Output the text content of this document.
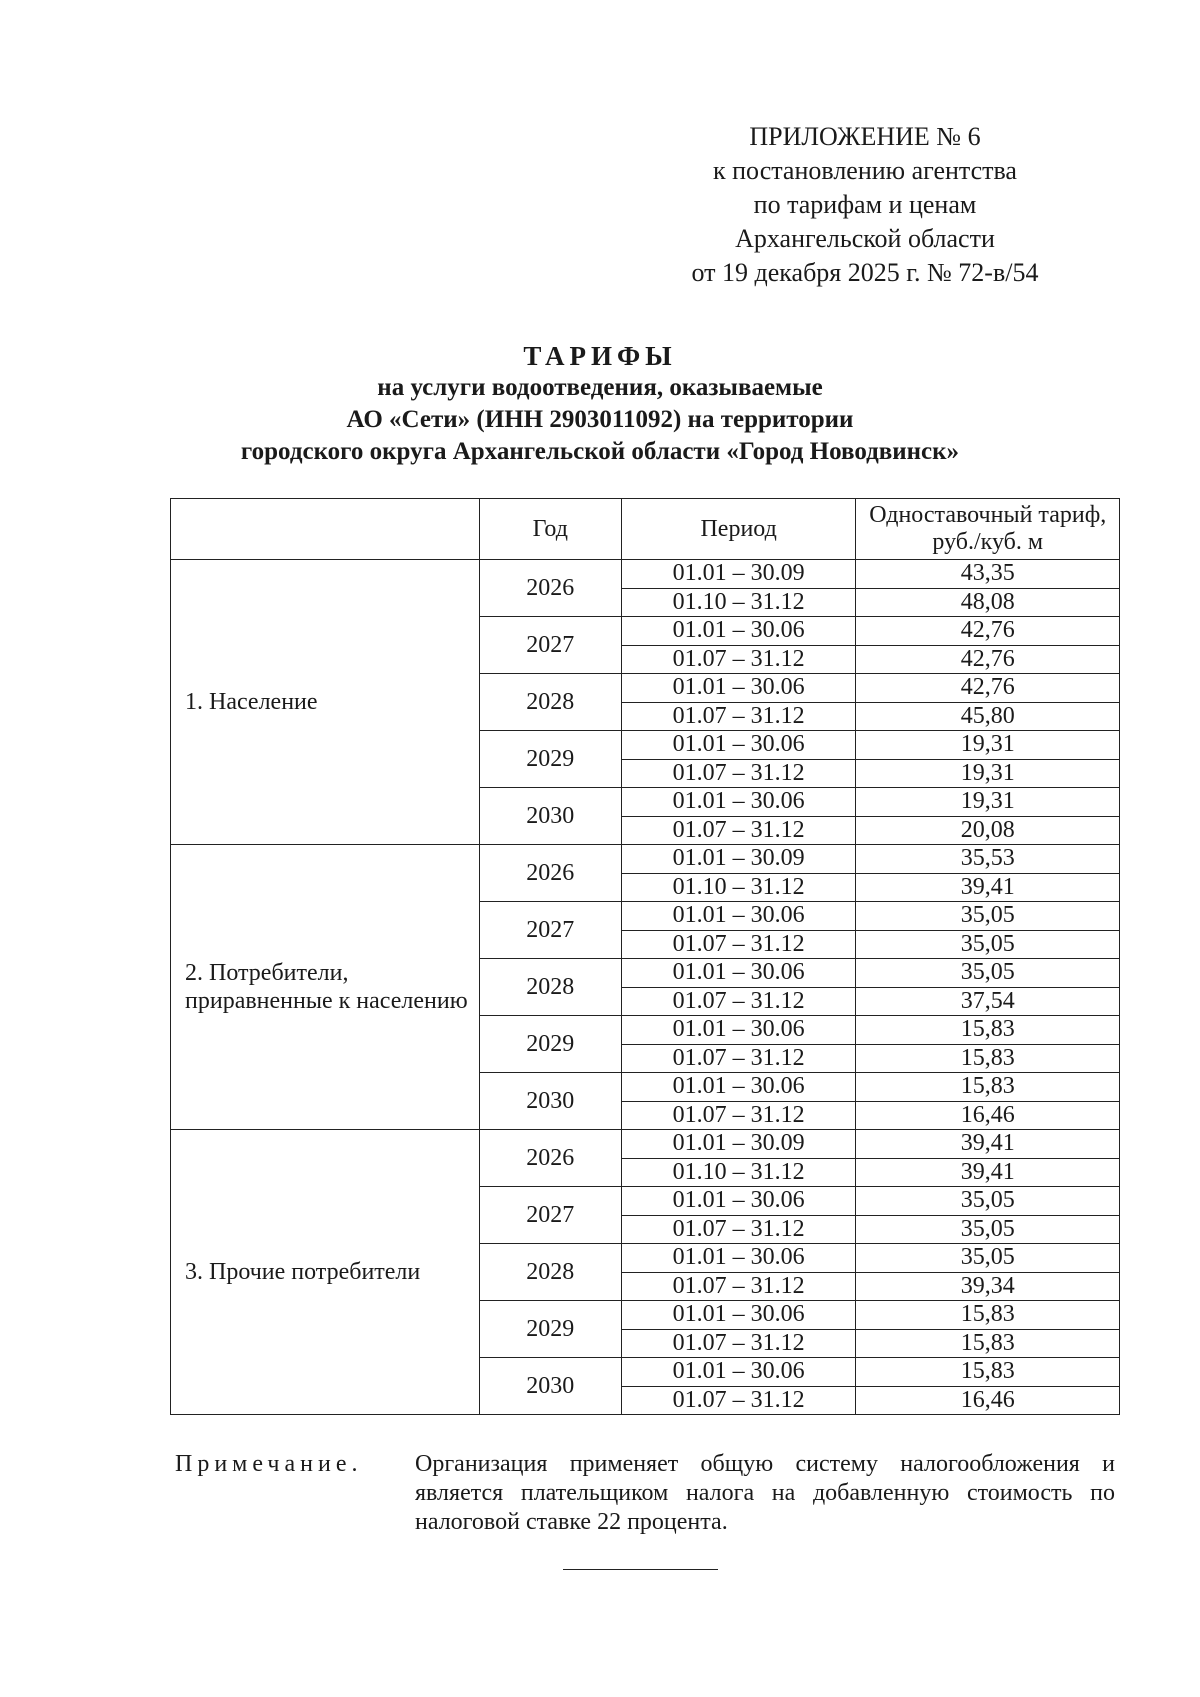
ПРИЛОЖЕНИЕ № 6
к постановлению агентства
по тарифам и ценам
Архангельской области
от 19 декабря 2025 г. № 72-в/54
ТАРИФЫ
на услуги водоотведения, оказываемые
АО «Сети» (ИНН 2903011092) на территории
городского округа Архангельской области «Город Новодвинск»
	Год	Период	Одноставочный тариф, руб./куб. м
1. Население	2026	01.01 – 30.09	43,35
		01.10 – 31.12	48,08
	2027	01.01 – 30.06	42,76
		01.07 – 31.12	42,76
	2028	01.01 – 30.06	42,76
		01.07 – 31.12	45,80
	2029	01.01 – 30.06	19,31
		01.07 – 31.12	19,31
	2030	01.01 – 30.06	19,31
		01.07 – 31.12	20,08
2. Потребители, приравненные к населению	2026	01.01 – 30.09	35,53
		01.10 – 31.12	39,41
	2027	01.01 – 30.06	35,05
		01.07 – 31.12	35,05
	2028	01.01 – 30.06	35,05
		01.07 – 31.12	37,54
	2029	01.01 – 30.06	15,83
		01.07 – 31.12	15,83
	2030	01.01 – 30.06	15,83
		01.07 – 31.12	16,46
3. Прочие потребители	2026	01.01 – 30.09	39,41
		01.10 – 31.12	39,41
	2027	01.01 – 30.06	35,05
		01.07 – 31.12	35,05
	2028	01.01 – 30.06	35,05
		01.07 – 31.12	39,34
	2029	01.01 – 30.06	15,83
		01.07 – 31.12	15,83
	2030	01.01 – 30.06	15,83
		01.07 – 31.12	16,46
Примечание. Организация применяет общую систему налогообложения и является плательщиком налога на добавленную стоимость по налоговой ставке 22 процента.
